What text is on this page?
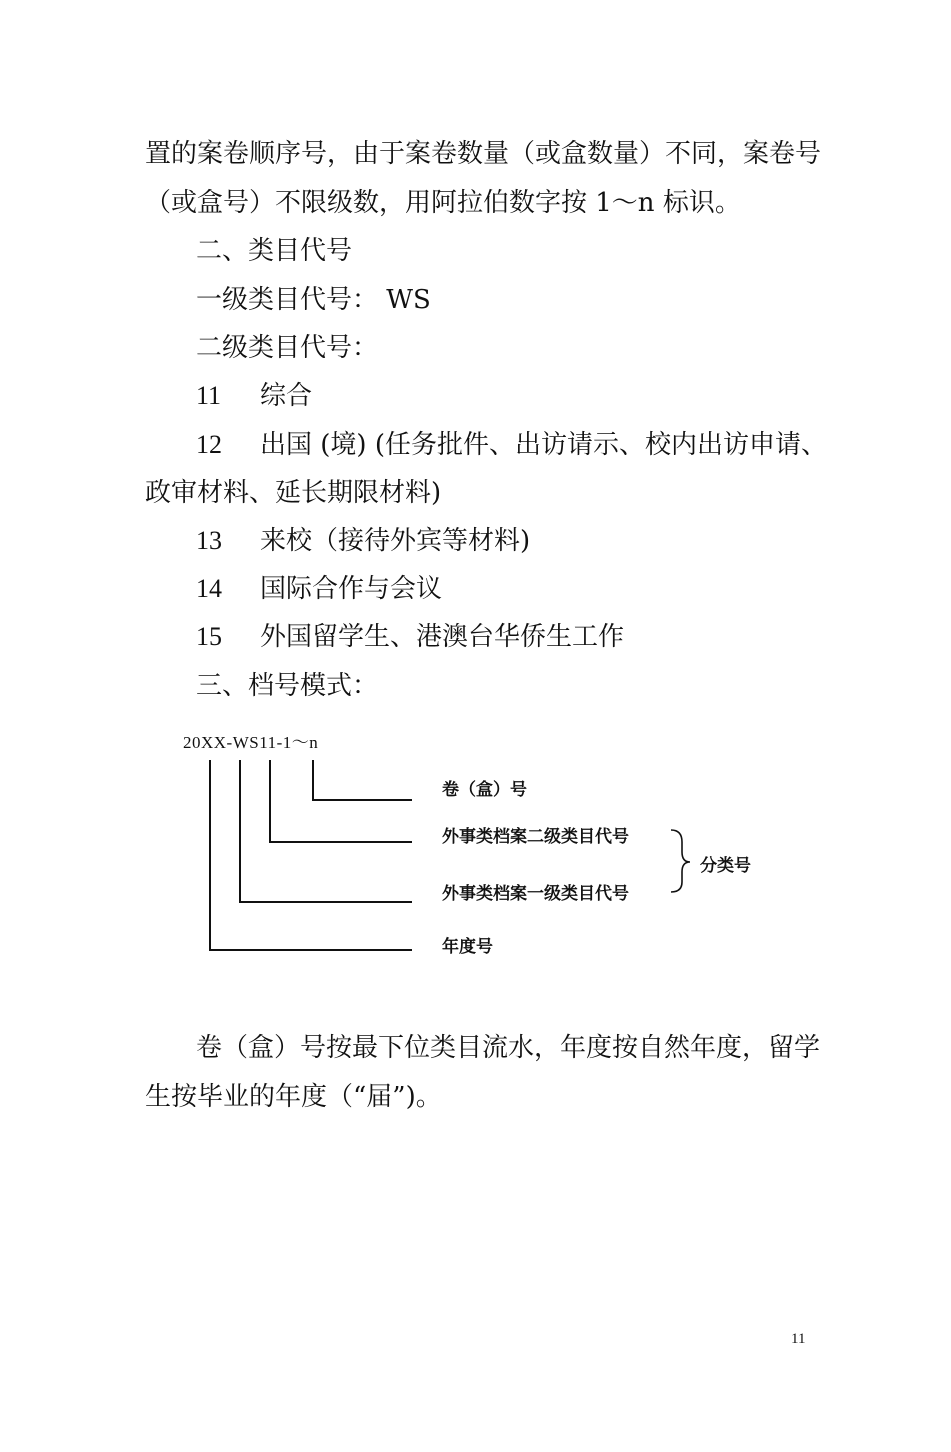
置的案卷顺序号，由于案卷数量（或盒数量）不同，案卷号
（或盒号）不限级数，用阿拉伯数字按 1～n 标识。
二、类目代号
一级类目代号： WS
二级类目代号：
11 综合
12 出国 (境) (任务批件、出访请示、校内出访申请、
政审材料、延长期限材料)
13 来校（接待外宾等材料)
14 国际合作与会议
15 外国留学生、港澳台华侨生工作
三、档号模式：
20XX-WS11-1～n
卷（盒）号
外事类档案二级类目代号
外事类档案一级类目代号
年度号
分类号
卷（盒）号按最下位类目流水，年度按自然年度，留学
生按毕业的年度（“届”)。
11
